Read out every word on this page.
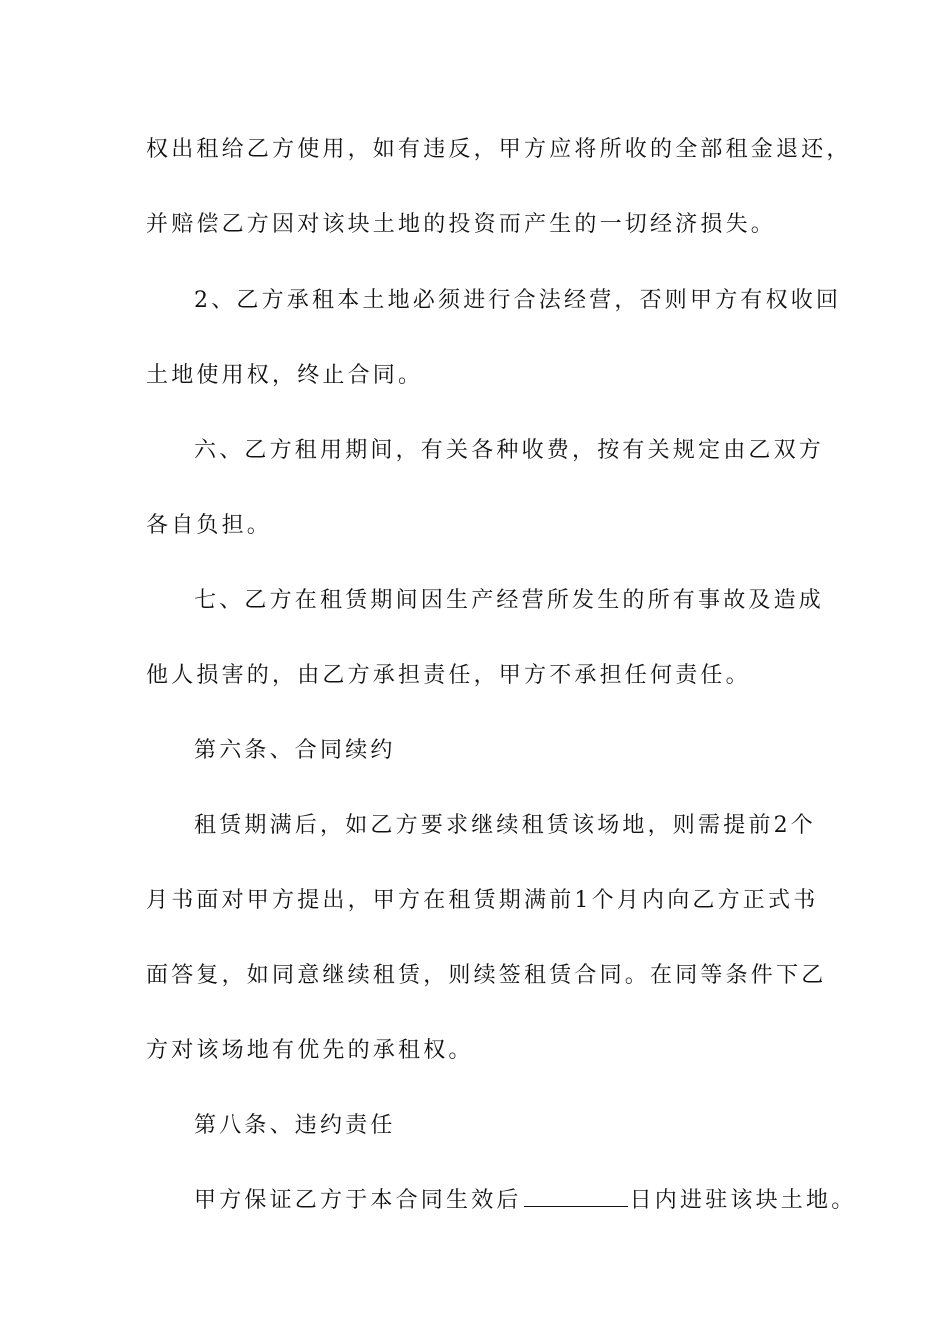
权出租给乙方使用，如有违反，甲方应将所收的全部租金退还，
并赔偿乙方因对该块土地的投资而产生的一切经济损失。
2、乙方承租本土地必须进行合法经营，否则甲方有权收回
土地使用权，终止合同。
六、乙方租用期间，有关各种收费，按有关规定由乙双方
各自负担。
七、乙方在租赁期间因生产经营所发生的所有事故及造成
他人损害的，由乙方承担责任，甲方不承担任何责任。
第六条、合同续约
租赁期满后，如乙方要求继续租赁该场地，则需提前2个
月书面对甲方提出，甲方在租赁期满前1个月内向乙方正式书
面答复，如同意继续租赁，则续签租赁合同。在同等条件下乙
方对该场地有优先的承租权。
第八条、违约责任
甲方保证乙方于本合同生效后	日内进驻该块土地。
